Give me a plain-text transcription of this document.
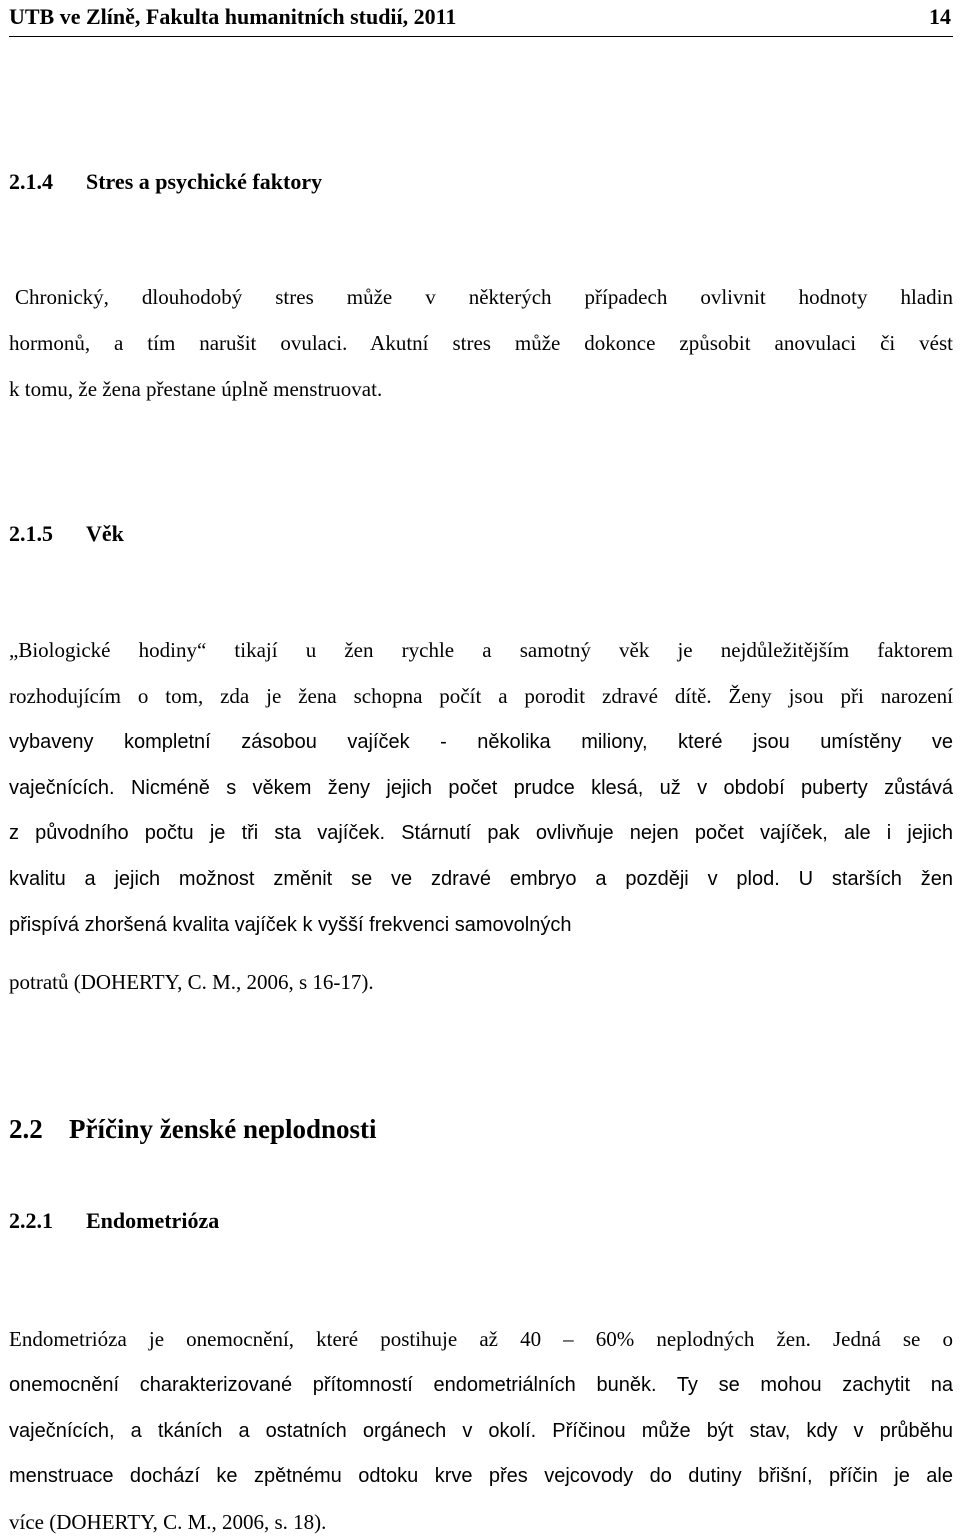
UTB ve Zlíně, Fakulta humanitních studií, 2011	14
2.1.4 Stres a psychické faktory
Chronický, dlouhodobý stres může v některých případech ovlivnit hodnoty hladin
hormonů, a tím narušit ovulaci. Akutní stres může dokonce způsobit anovulaci či vést
k tomu, že žena přestane úplně menstruovat.
2.1.5 Věk
„Biologické hodiny“ tikají u žen rychle a samotný věk je nejdůležitějším faktorem
rozhodujícím o tom, zda je žena schopna počít a porodit zdravé dítě. Ženy jsou při narození
vybaveny kompletní zásobou vajíček - několika miliony, které jsou umístěny ve
vaječnících. Nicméně s věkem ženy jejich počet prudce klesá, už v období puberty zůstává
z původního počtu je tři sta vajíček. Stárnutí pak ovlivňuje nejen počet vajíček, ale i jejich
kvalitu a jejich možnost změnit se ve zdravé embryo a později v plod. U starších žen
přispívá zhoršená kvalita vajíček k vyšší frekvenci samovolných
potratů (DOHERTY, C. M., 2006, s 16-17).
2.2 Příčiny ženské neplodnosti
2.2.1 Endometrióza
Endometrióza je onemocnění, které postihuje až 40 – 60% neplodných žen. Jedná se o
onemocnění charakterizované přítomností endometriálních buněk. Ty se mohou zachytit na
vaječnících, a tkáních a ostatních orgánech v okolí. Příčinou může být stav, kdy v průběhu
menstruace dochází ke zpětnému odtoku krve přes vejcovody do dutiny břišní, příčin je ale
více (DOHERTY, C. M., 2006, s. 18).
